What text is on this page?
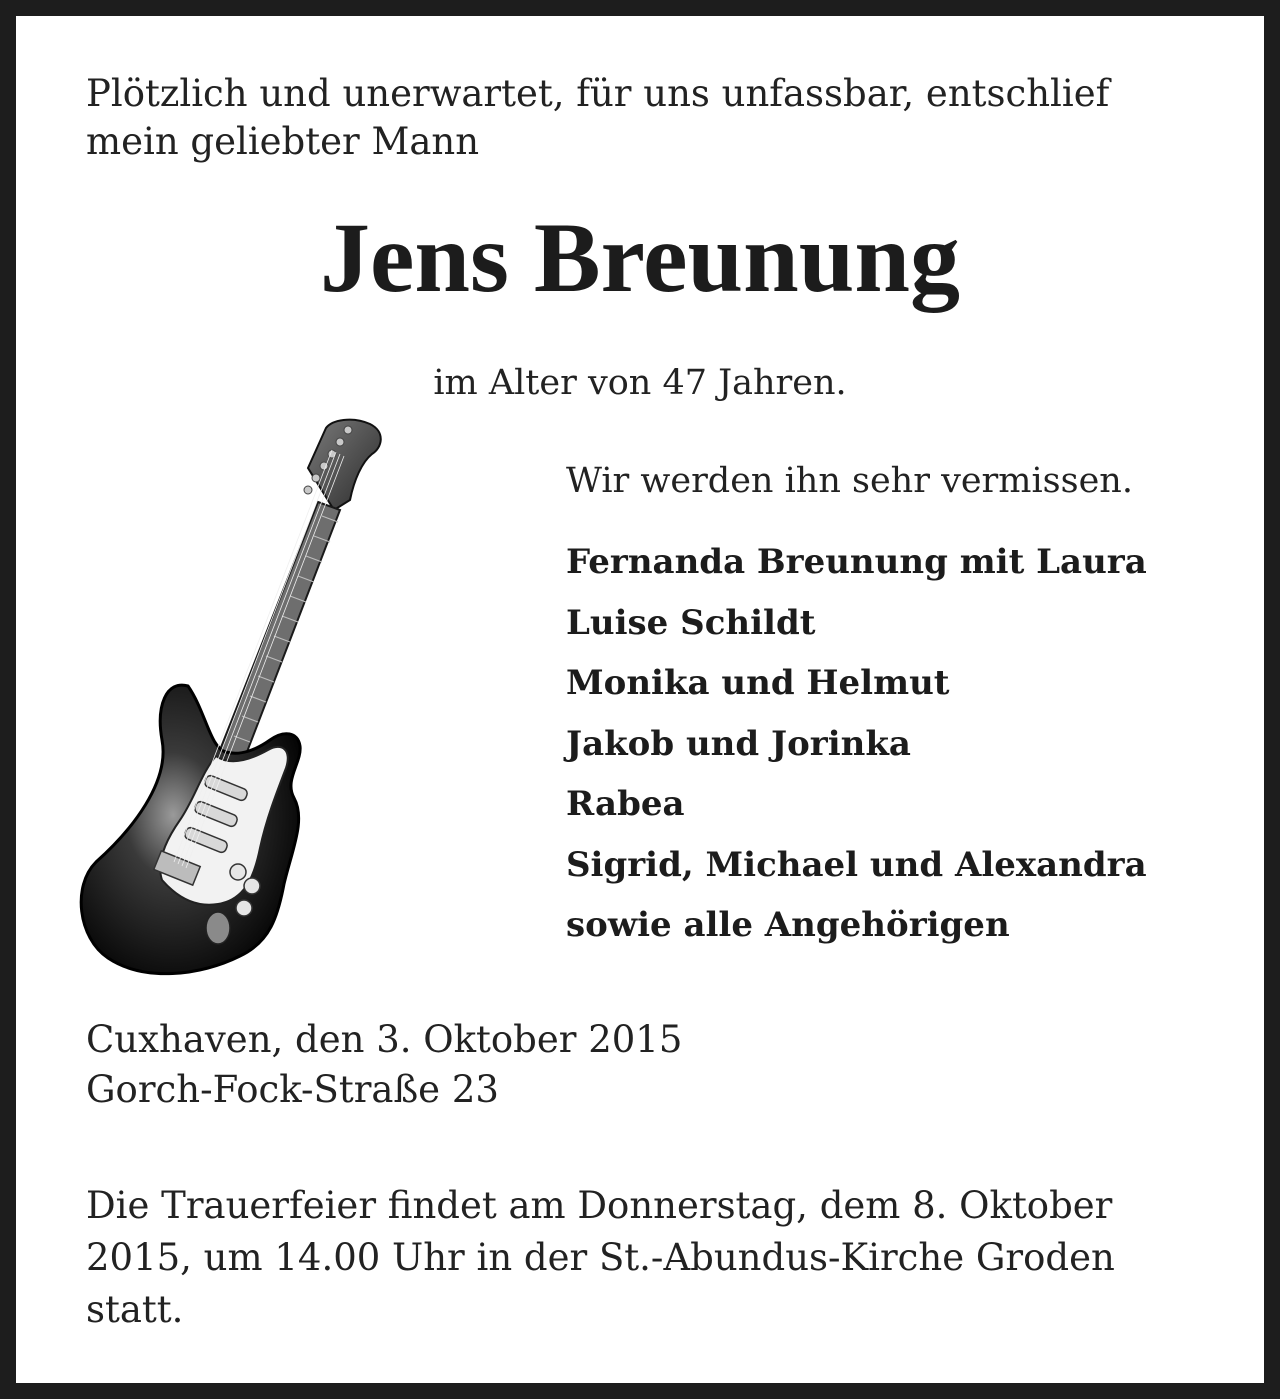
Plötzlich und unerwartet, für uns unfassbar, entschlief
mein geliebter Mann
Jens Breunung
im Alter von 47 Jahren.
Wir werden ihn sehr vermissen.
Fernanda Breunung mit Laura
Luise Schildt
Monika und Helmut
Jakob und Jorinka
Rabea
Sigrid, Michael und Alexandra
sowie alle Angehörigen
Cuxhaven, den 3. Oktober 2015
Gorch-Fock-Straße 23
Die Trauerfeier findet am Donnerstag, dem 8. Oktober
2015, um 14.00 Uhr in der St.-Abundus-Kirche Groden
statt.
